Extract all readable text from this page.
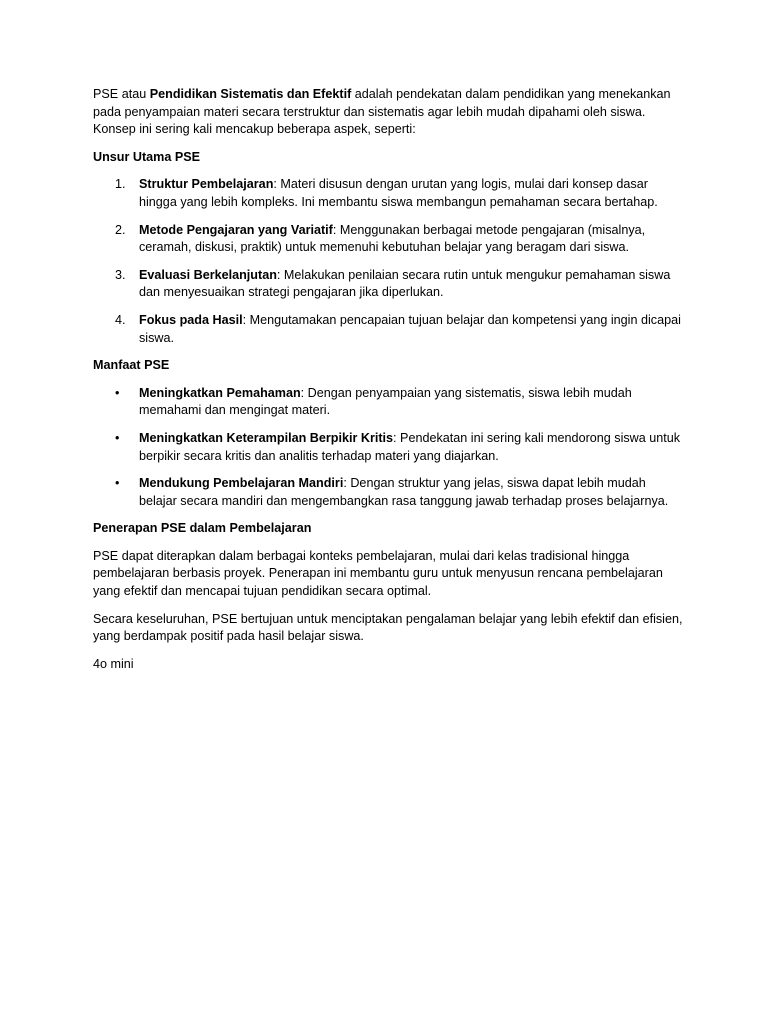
PSE atau Pendidikan Sistematis dan Efektif adalah pendekatan dalam pendidikan yang menekankan pada penyampaian materi secara terstruktur dan sistematis agar lebih mudah dipahami oleh siswa. Konsep ini sering kali mencakup beberapa aspek, seperti:

Unsur Utama PSE
1. Struktur Pembelajaran: Materi disusun dengan urutan yang logis, mulai dari konsep dasar hingga yang lebih kompleks. Ini membantu siswa membangun pemahaman secara bertahap.
2. Metode Pengajaran yang Variatif: Menggunakan berbagai metode pengajaran (misalnya, ceramah, diskusi, praktik) untuk memenuhi kebutuhan belajar yang beragam dari siswa.
3. Evaluasi Berkelanjutan: Melakukan penilaian secara rutin untuk mengukur pemahaman siswa dan menyesuaikan strategi pengajaran jika diperlukan.
4. Fokus pada Hasil: Mengutamakan pencapaian tujuan belajar dan kompetensi yang ingin dicapai siswa.
Manfaat PSE
• Meningkatkan Pemahaman: Dengan penyampaian yang sistematis, siswa lebih mudah memahami dan mengingat materi.
• Meningkatkan Keterampilan Berpikir Kritis: Pendekatan ini sering kali mendorong siswa untuk berpikir secara kritis dan analitis terhadap materi yang diajarkan.
• Mendukung Pembelajaran Mandiri: Dengan struktur yang jelas, siswa dapat lebih mudah belajar secara mandiri dan mengembangkan rasa tanggung jawab terhadap proses belajarnya.
Penerapan PSE dalam Pembelajaran

PSE dapat diterapkan dalam berbagai konteks pembelajaran, mulai dari kelas tradisional hingga pembelajaran berbasis proyek. Penerapan ini membantu guru untuk menyusun rencana pembelajaran yang efektif dan mencapai tujuan pendidikan secara optimal.

Secara keseluruhan, PSE bertujuan untuk menciptakan pengalaman belajar yang lebih efektif dan efisien, yang berdampak positif pada hasil belajar siswa.

4o mini
